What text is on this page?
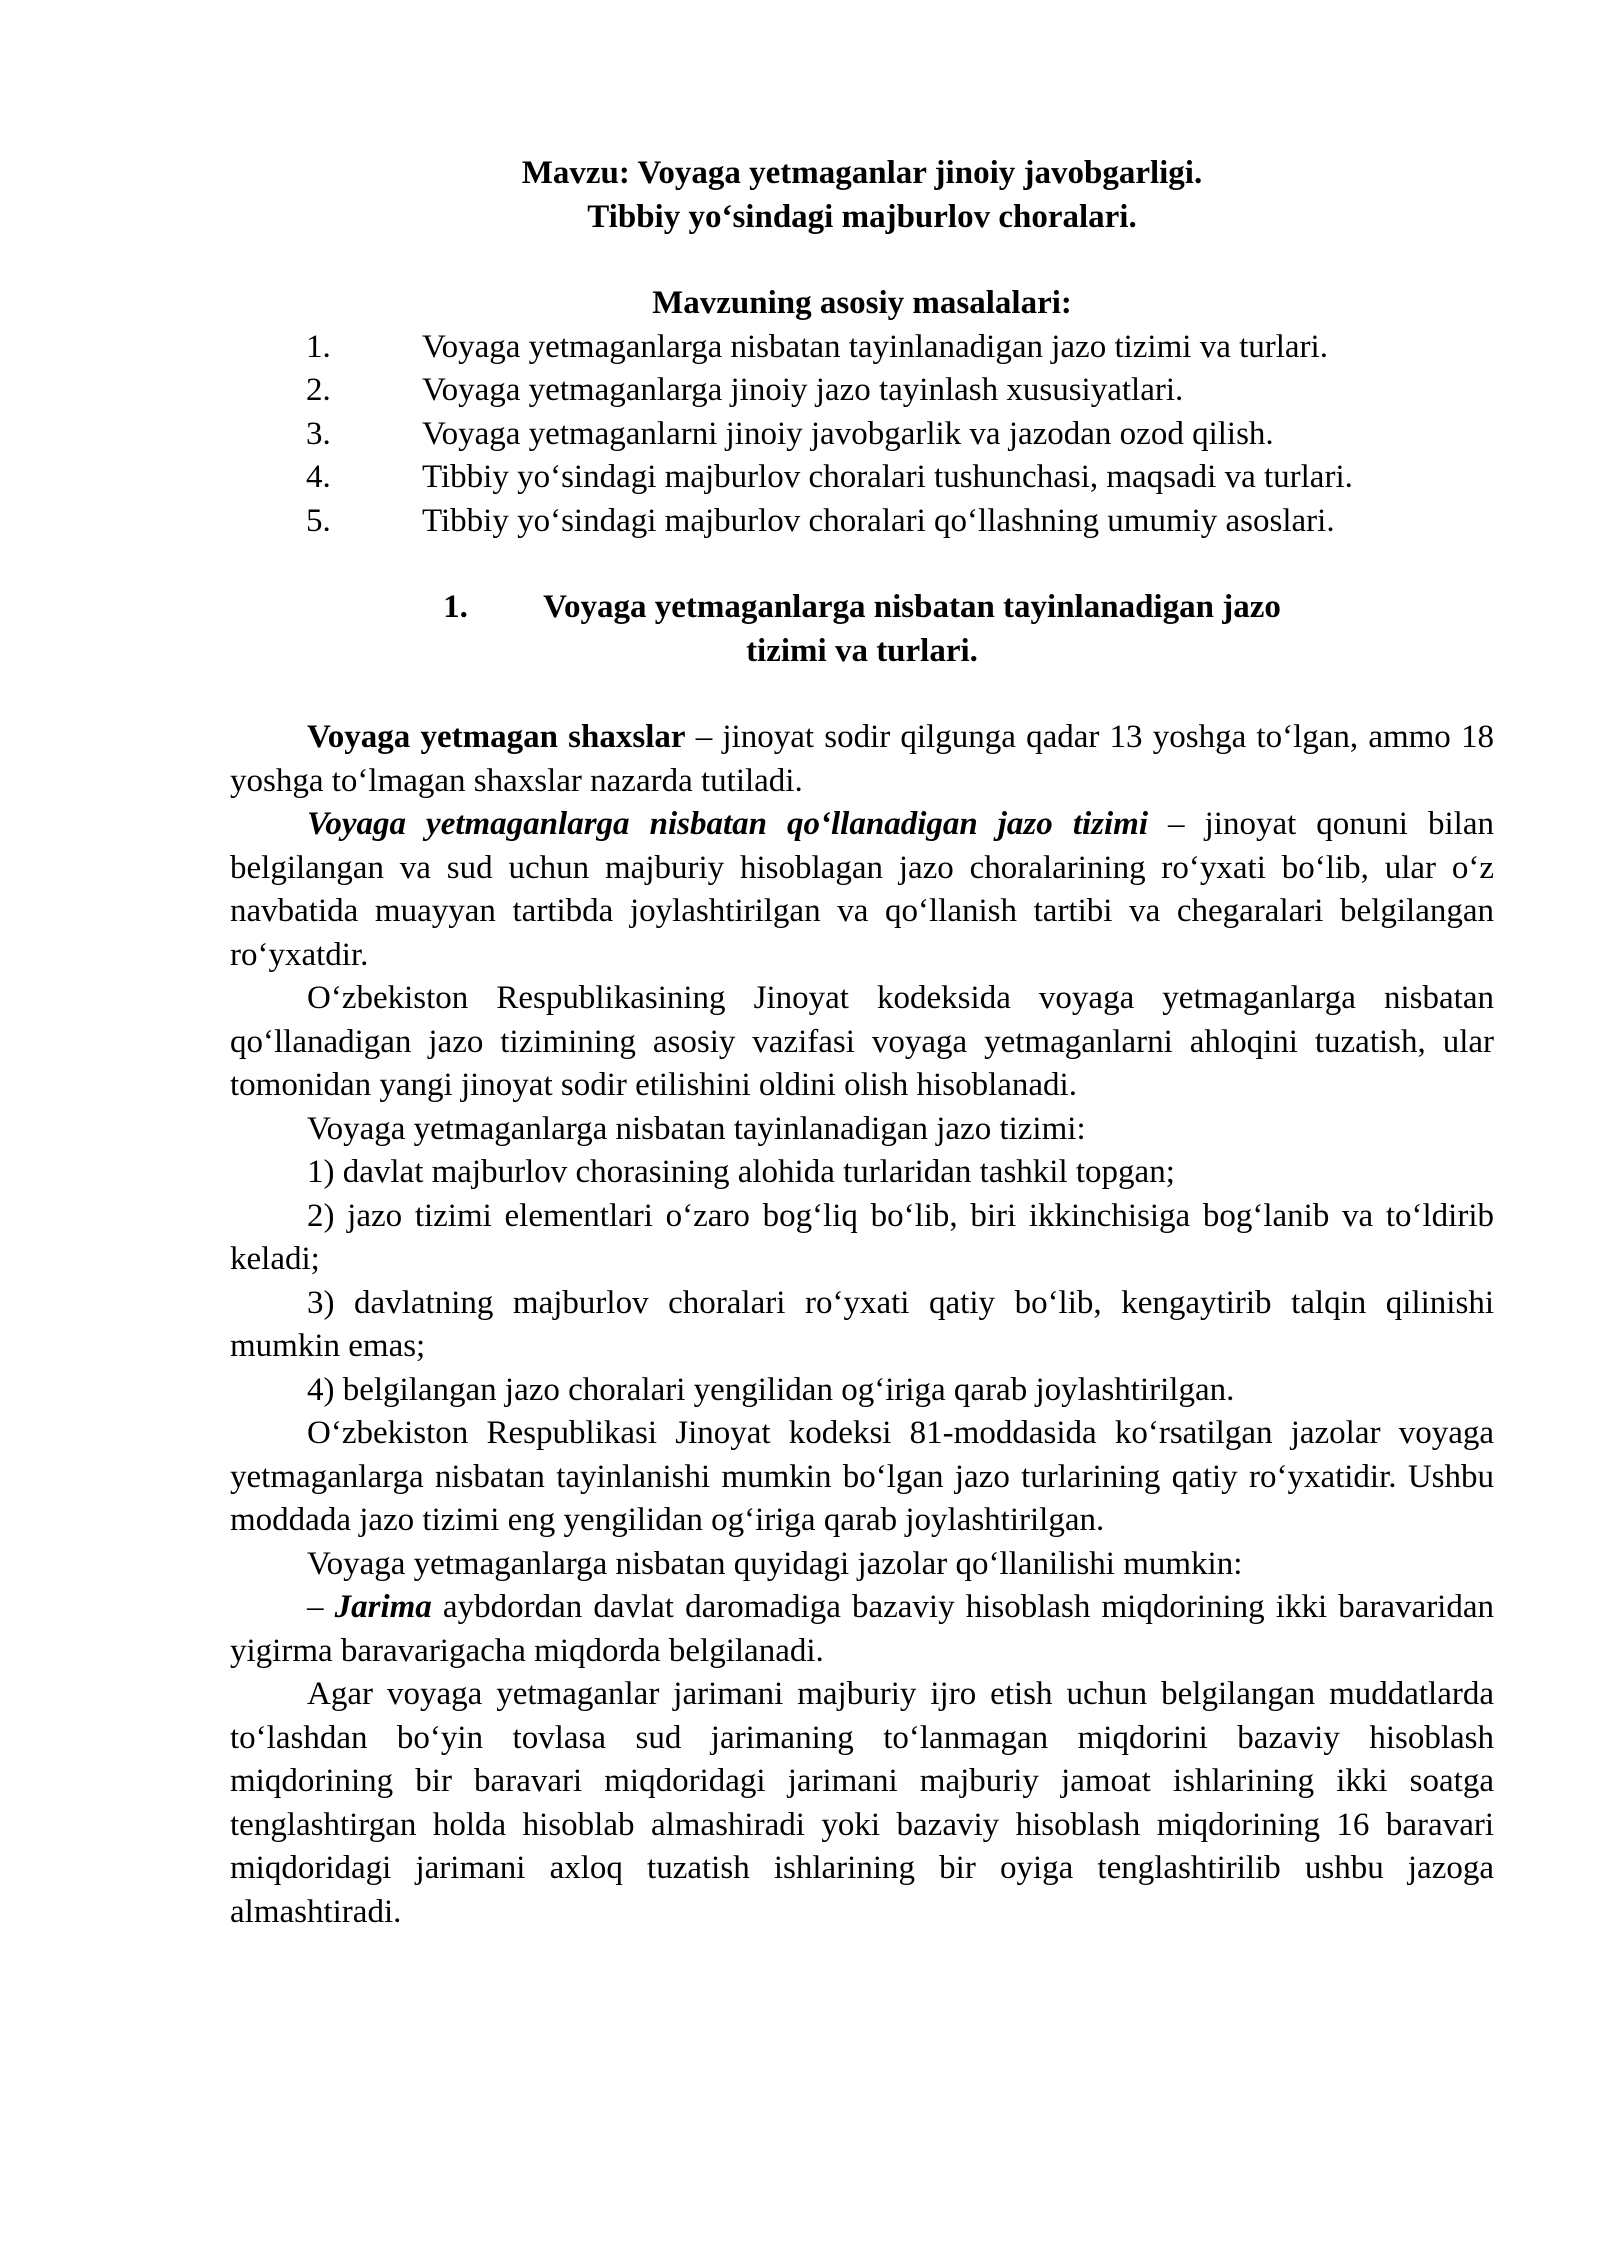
Mavzu: Voyaga yetmaganlar jinoiy javobgarligi.
Tibbiy yo‘sindagi majburlov choralari.
Mavzuning asosiy masalalari:
1.	Voyaga yetmaganlarga nisbatan tayinlanadigan jazo tizimi va turlari.
2.	Voyaga yetmaganlarga jinoiy jazo tayinlash xususiyatlari.
3.	Voyaga yetmaganlarni jinoiy javobgarlik va jazodan ozod qilish.
4.	Tibbiy yo‘sindagi majburlov choralari tushunchasi, maqsadi va turlari.
5.	Tibbiy yo‘sindagi majburlov choralari qo‘llashning umumiy asoslari.
1. Voyaga yetmaganlarga nisbatan tayinlanadigan jazo
tizimi va turlari.

Voyaga yetmagan shaxslar – jinoyat sodir qilgunga qadar 13 yoshga to‘lgan, ammo 18 yoshga to‘lmagan shaxslar nazarda tutiladi.

Voyaga yetmaganlarga nisbatan qo‘llanadigan jazo tizimi – jinoyat qonuni bilan belgilangan va sud uchun majburiy hisoblagan jazo choralarining ro‘yxati bo‘lib, ular o‘z navbatida muayyan tartibda joylashtirilgan va qo‘llanish tartibi va chegaralari belgilangan ro‘yxatdir.

O‘zbekiston Respublikasining Jinoyat kodeksida voyaga yetmaganlarga nisbatan qo‘llanadigan jazo tizimining asosiy vazifasi voyaga yetmaganlarni ahloqini tuzatish, ular tomonidan yangi jinoyat sodir etilishini oldini olish hisoblanadi.

Voyaga yetmaganlarga nisbatan tayinlanadigan jazo tizimi:

1) davlat majburlov chorasining alohida turlaridan tashkil topgan;

2) jazo tizimi elementlari o‘zaro bog‘liq bo‘lib, biri ikkinchisiga bog‘lanib va to‘ldirib keladi;

3) davlatning majburlov choralari ro‘yxati qatiy bo‘lib, kengaytirib talqin qilinishi mumkin emas;

4) belgilangan jazo choralari yengilidan og‘iriga qarab joylashtirilgan.

O‘zbekiston Respublikasi Jinoyat kodeksi 81-moddasida ko‘rsatilgan jazolar voyaga yetmaganlarga nisbatan tayinlanishi mumkin bo‘lgan jazo turlarining qatiy ro‘yxatidir. Ushbu moddada jazo tizimi eng yengilidan og‘iriga qarab joylashtirilgan.

Voyaga yetmaganlarga nisbatan quyidagi jazolar qo‘llanilishi mumkin:

– Jarima aybdordan davlat daromadiga bazaviy hisoblash miqdorining ikki baravaridan yigirma baravarigacha miqdorda belgilanadi.

Agar voyaga yetmaganlar jarimani majburiy ijro etish uchun belgilangan muddatlarda to‘lashdan bo‘yin tovlasa sud jarimaning to‘lanmagan miqdorini bazaviy hisoblash miqdorining bir baravari miqdoridagi jarimani majburiy jamoat ishlarining ikki soatga tenglashtirgan holda hisoblab almashiradi yoki bazaviy hisoblash miqdorining 16 baravari miqdoridagi jarimani axloq tuzatish ishlarining bir oyiga tenglashtirilib ushbu jazoga almashtiradi.
